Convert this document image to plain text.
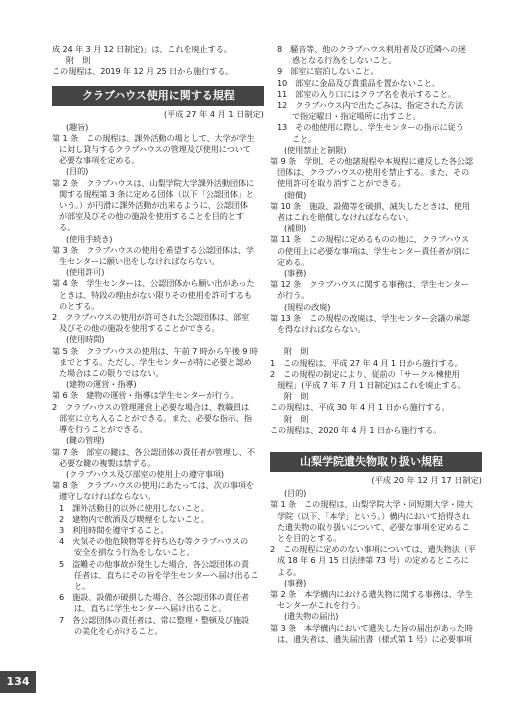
成 24 年 3 月 12 日制定)」は、これを廃止する。
附　則
この規程は、2019 年 12 月 25 日から施行する。
クラブハウス使用に関する規程
(平成 27 年 4 月 1 日制定)
(趣旨)
第 1 条　この規程は、課外活動の場として、大学が学生
に対し貸与するクラブハウスの管理及び使用について
必要な事項を定める。
(目的)
第 2 条　クラブハウスは、山梨学院大学課外活動団体に
関する規程第 3 条に定める団体（以下「公認団体」と
いう。）が円滑に課外活動が出来るように、公認団体
が部室及びその他の施設を使用することを目的とす
る。
(使用手続き)
第 3 条　クラブハウスの使用を希望する公認団体は、学
生センターに願い出をしなければならない。
(使用許可)
第 4 条　学生センターは、公認団体から願い出があった
ときは、特段の理由がない限りその使用を許可するも
のとする。
2　クラブハウスの使用が許可された公認団体は、部室
及びその他の施設を使用することができる。
(使用時間)
第 5 条　クラブハウスの使用は、午前 7 時から午後 9 時
までとする。ただし、学生センターが特に必要と認め
た場合はこの限りではない。
(建物の運営・指導)
第 6 条　建物の運営・指導は学生センターが行う。
2　クラブハウスの管理運営上必要な場合は、教職員は
部室に立ち入ることができる。また、必要な指示、指
導を行うことができる。
(鍵の管理)
第 7 条　部室の鍵は、各公認団体の責任者が管理し、不
必要な鍵の複製は禁ずる。
(クラブハウス及び部室の使用上の遵守事項)
第 8 条　クラブハウスの使用にあたっては、次の事項を
遵守しなければならない。
1　課外活動目的以外に使用しないこと。
2　建物内で飲酒及び喫煙をしないこと。
3　利用時間を遵守すること。
4　火気その他危険物等を持ち込む等クラブハウスの
安全を損なう行為をしないこと。
5　盗難その他事故が発生した場合、各公認団体の責
任者は、直ちにその旨を学生センターへ届け出るこ
と。
6　施設、設備が破損した場合、各公認団体の責任者
は、直ちに学生センターへ届け出ること。
7　各公認団体の責任者は、常に整理・整頓及び施設
の美化を心がけること。
8　騒音等、他のクラブハウス利用者及び近隣への迷
惑となる行為をしないこと。
9　部室に宿泊しないこと。
10　部室に金品及び貴重品を置かないこと。
11　部室の入り口にはクラブ名を表示すること。
12　クラブハウス内で出たごみは、指定された方法
で指定曜日・指定場所に出すこと。
13　その他使用に際し、学生センターの指示に従う
こと。
(使用禁止と制限)
第 9 条　学則、その他諸規程や本規程に違反した各公認
団体は、クラブハウスの使用を禁止する。また、その
使用許可を取り消すことができる。
(賠償)
第 10 条　施設、設備等を破損、滅失したときは、使用
者はこれを賠償しなければならない。
(補則)
第 11 条　この規程に定めるものの他に、クラブハウス
の使用上に必要な事項は、学生センター責任者が別に
定める。
(事務)
第 12 条　クラブハウスに関する事務は、学生センター
が行う。
(規程の改廃)
第 13 条　この規程の改廃は、学生センター会議の承認
を得なければならない。
附　則
1　この規程は、平成 27 年 4 月 1 日から施行する。
2　この規程の制定により、従前の「サークル棟使用
規程」(平成 7 年 7 月 1 日制定)はこれを廃止する。
附　則
この規程は、平成 30 年 4 月 1 日から施行する。
附　則
この規程は、2020 年 4 月 1 日から施行する。
山梨学院遺失物取り扱い規程
(平成 20 年 12 月 17 日制定)
(目的)
第 1 条　この規程は、山梨学院大学・同短期大学・陸大
学院（以下、「本学」という。）構内において拾得され
た遺失物の取り扱いについて、必要な事項を定めるこ
とを目的とする。
2　この規程に定めのない事項については、遺失物法（平
成 18 年 6 月 15 日法律第 73 号）の定めるところに
よる。
(事務)
第 2 条　本学構内における遺失物に関する事務は、学生
センターがこれを行う。
(遺失物の届出)
第 3 条　本学構内において遺失した旨の届出があった時
は、遺失者は、遺失届出書（様式第 1 号）に必要事項
134
